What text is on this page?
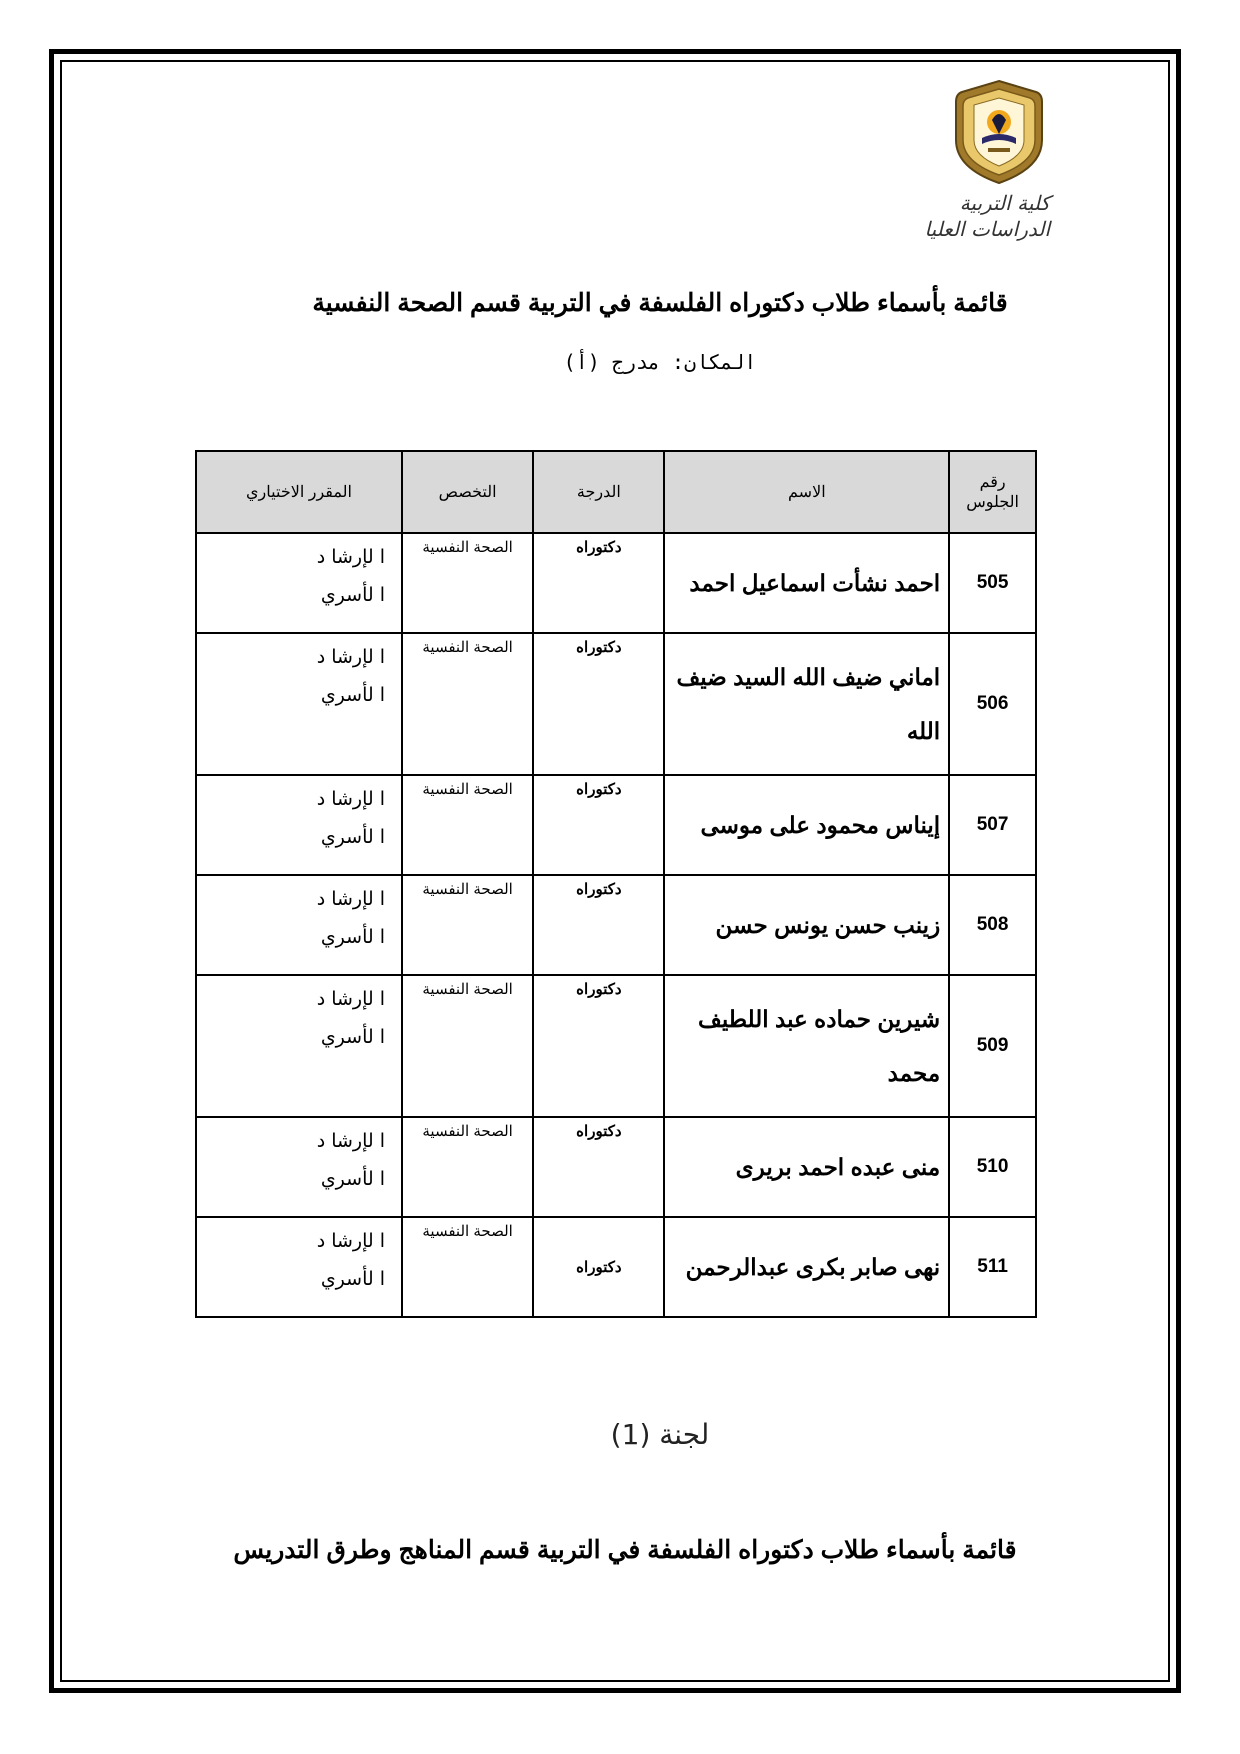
كلية التربية
الدراسات العليا
قائمة بأسماء طلاب دكتوراه الفلسفة في التربية قسم الصحة النفسية
المكان: مدرج (أ)
رقم الجلوس	الاسم	الدرجة	التخصص	المقرر الاختياري
505	احمد نشأت اسماعيل احمد	دكتوراه	الصحة النفسية	ا لإرشا د
ا لأسري

506	اماني ضيف الله السيد ضيف الله	دكتوراه	الصحة النفسية	ا لإرشا د
ا لأسري

507	إيناس محمود على موسى	دكتوراه	الصحة النفسية	ا لإرشا د
ا لأسري

508	زينب حسن يونس حسن	دكتوراه	الصحة النفسية	ا لإرشا د
ا لأسري

509	شيرين حماده عبد اللطيف محمد	دكتوراه	الصحة النفسية	ا لإرشا د
ا لأسري

510	منى عبده احمد بريرى	دكتوراه	الصحة النفسية	ا لإرشا د
ا لأسري

511	نهى صابر بكرى عبدالرحمن	دكتوراه	الصحة النفسية	ا لإرشا د
ا لأسري
لجنة (1)
قائمة بأسماء طلاب دكتوراه الفلسفة في التربية قسم المناهج وطرق التدريس
